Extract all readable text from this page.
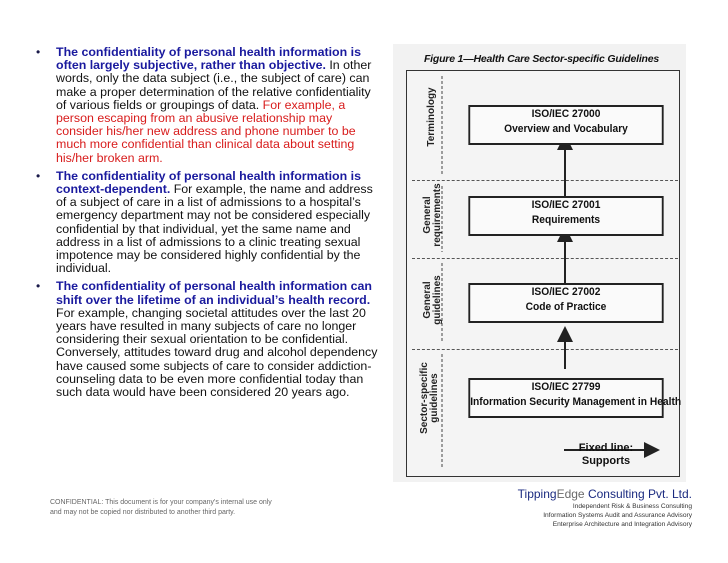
• The confidentiality of personal health information is often largely subjective, rather than objective. In other words, only the data subject (i.e., the subject of care) can make a proper determination of the relative confidentiality of various fields or groupings of data. For example, a person escaping from an abusive relationship may consider his/her new address and phone number to be much more confidential than clinical data about setting his/her broken arm.
• The confidentiality of personal health information is context-dependent. For example, the name and address of a subject of care in a list of admissions to a hospital’s emergency department may not be considered especially confidential by that individual, yet the same name and address in a list of admissions to a clinic treating sexual impotence may be considered highly confidential by the individual.
• The confidentiality of personal health information can shift over the lifetime of an individual’s health record. For example, changing societal attitudes over the last 20 years have resulted in many subjects of care no longer considering their sexual orientation to be confidential. Conversely, attitudes toward drug and alcohol dependency have caused some subjects of care to consider addiction-counseling data to be even more confidential today than such data would have been considered 20 years ago.
Figure 1—Health Care Sector-specific Guidelines
Terminology
General requirements
General guidelines
Sector-specific guidelines
ISO/IEC 27000
Overview and Vocabulary
ISO/IEC 27001
Requirements
ISO/IEC 27002
Code of Practice
ISO/IEC 27799
Information Security Management in Health
Fixed line:
Supports
CONFIDENTIAL: This document is for your company's internal use only
and may not be copied nor distributed to another third party.
TippingEdge Consulting Pvt. Ltd.
Independent Risk & Business Consulting
Information Systems Audit and Assurance Advisory
Enterprise Architecture and Integration Advisory
